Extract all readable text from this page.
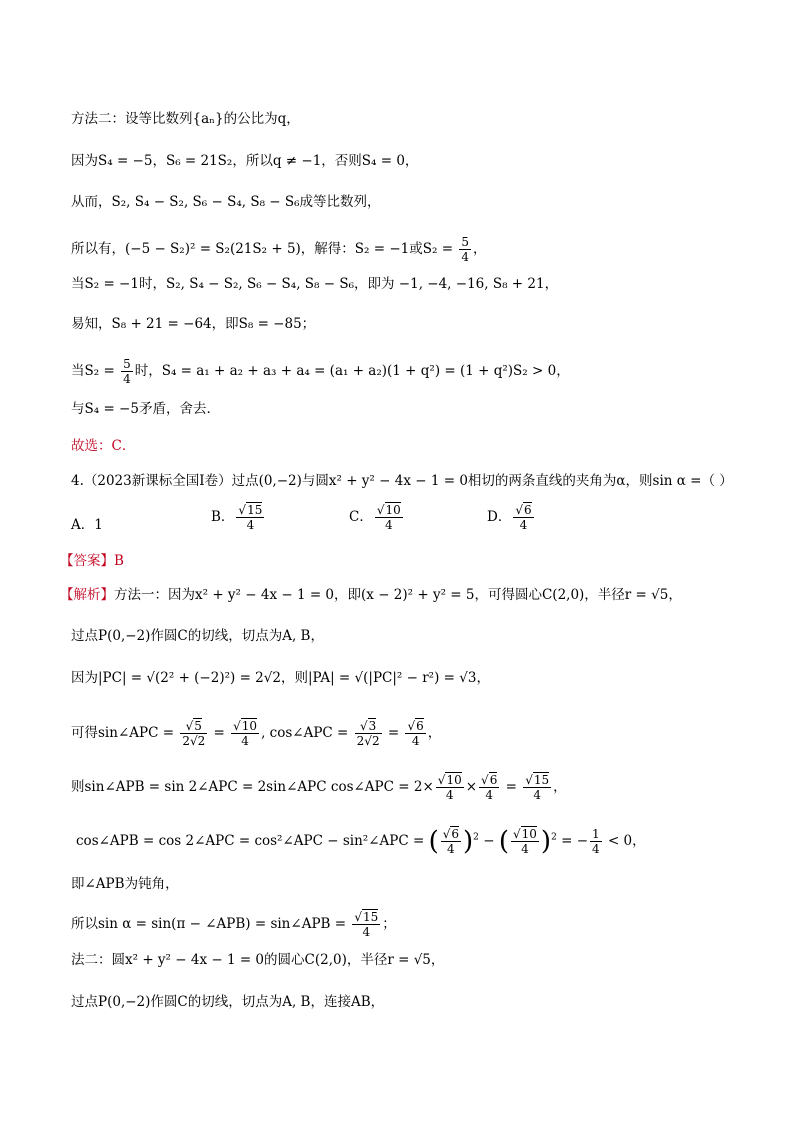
方法二：设等比数列{aₙ}的公比为q，
因为S₄ = −5，S₆ = 21S₂，所以q ≠ −1，否则S₄ = 0，
从而，S₂, S₄ − S₂, S₆ − S₄, S₈ − S₆成等比数列，
所以有，(−5 − S₂)² = S₂(21S₂ + 5)，解得：S₂ = −1或$S_2 = \frac{5}{4}$ ，
当S₂ = −1时，S₂, S₄ − S₂, S₆ − S₄, S₈ − S₆，即为 −1, −4, −16, S₈ + 21，
易知，S₈ + 21 = −64，即S₈ = −85；
当$S_2 = \frac{5}{4}$ 时，S₄ = a₁ + a₂ + a₃ + a₄ = (a₁ + a₂)(1 + q²) = (1 + q²)S₂ > 0，
与S₄ = −5矛盾，舍去．
故选：C．
4.（2023新课标全国Ⅰ卷）过点(0,−2)与圆x² + y² − 4x − 1 = 0相切的两条直线的夹角为α，则sin α =（ ）
A．1	B． $\frac{√15}{4}$	C． $\frac{√10}{4}$	D． $\frac{√6}{4}$
【答案】B
【解析】方法一：因为x² + y² − 4x − 1 = 0，即(x − 2)² + y² = 5，可得圆心C(2,0)，半径r = √5，
过点P(0,−2)作圆C的切线，切点为A, B，
因为|PC| = √(2² + (−2)²) = 2√2，则|PA| = √(|PC|² − r²) = √3，
可得sin∠APC = $\frac{√5}{2√2} = \frac{√10}{4}$ , cos∠APC = $\frac{√3}{2√2} = \frac{√6}{4}$ ，
则sin∠APB = sin 2∠APC = 2sin∠APC cos∠APC = $2\times \frac{√10}{4} \times \frac{√6}{4} = \frac{√15}{4}$ ，
cos∠APB = cos 2∠APC = cos²∠APC − sin²∠APC = ( $\frac{√6}{4} )^2$ − ( $\frac{√10}{4} )^2$ = − $\frac{1}{4} < 0$，
即∠APB为钝角，
所以sin α = sin(π − ∠APB) = sin∠APB = $\frac{√15}{4}$ ；
法二：圆x² + y² − 4x − 1 = 0的圆心C(2,0)，半径r = √5，
过点P(0,−2)作圆C的切线，切点为A, B，连接AB，
